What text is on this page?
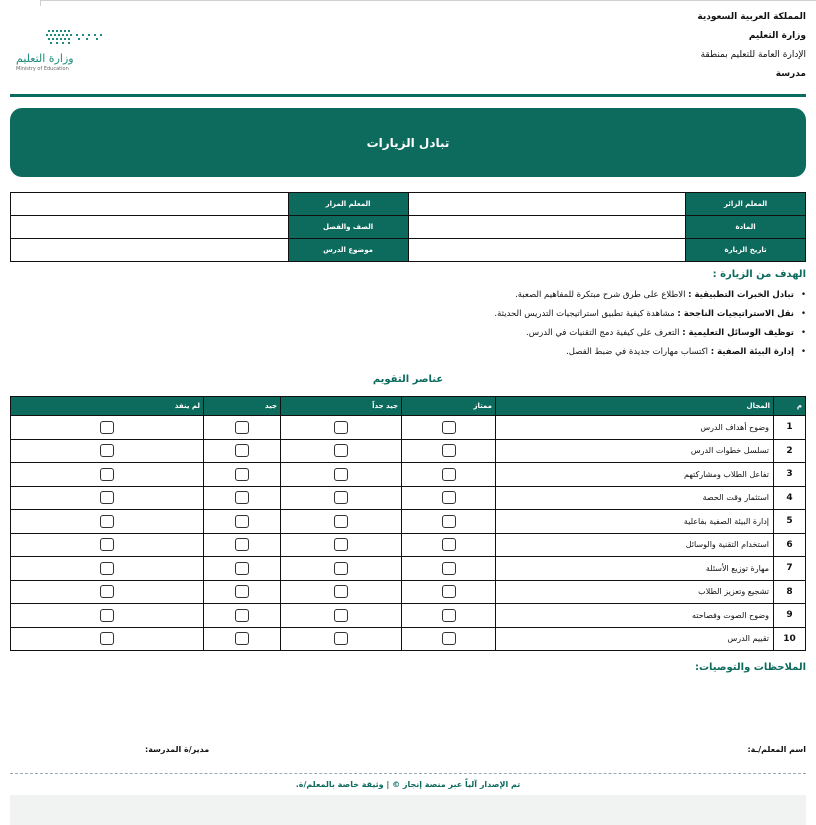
المملكة العربية السعودية
وزارة التعليم
الإدارة العامة للتعليم بمنطقة
مدرسة
وزارة التعليم
Ministry of Education
تبادل الزيارات
المعلم الزائر		المعلم المزار	
المادة		الصف والفصل	
تاريخ الزيارة		موضوع الدرس	
الهدف من الزيارة :
• تبادل الخبرات التطبيقية : الاطلاع على طرق شرح مبتكرة للمفاهيم الصعبة.
• نقل الاستراتيجيات الناجحة : مشاهدة كيفية تطبيق استراتيجيات التدريس الحديثة.
• توظيف الوسائل التعليمية : التعرف على كيفية دمج التقنيات في الدرس.
• إدارة البيئة الصفية : اكتساب مهارات جديدة في ضبط الفصل.
عناصر التقويم
م	المجال	ممتاز	جيد جداً	جيد	لم ينفذ
1	وضوح أهداف الدرس				
2	تسلسل خطوات الدرس				
3	تفاعل الطلاب ومشاركتهم				
4	استثمار وقت الحصة				
5	إدارة البيئة الصفية بفاعلية				
6	استخدام التقنية والوسائل				
7	مهارة توزيع الأسئلة				
8	تشجيع وتعزيز الطلاب				
9	وضوح الصوت وفصاحته				
10	تقييم الدرس				
الملاحظات والتوصيات:
اسم المعلم/ـة:
مدير/ة المدرسة:
تم الإصدار آلياً عبر منصة إنجاز © | وثيقة خاصة بالمعلم/ة.
